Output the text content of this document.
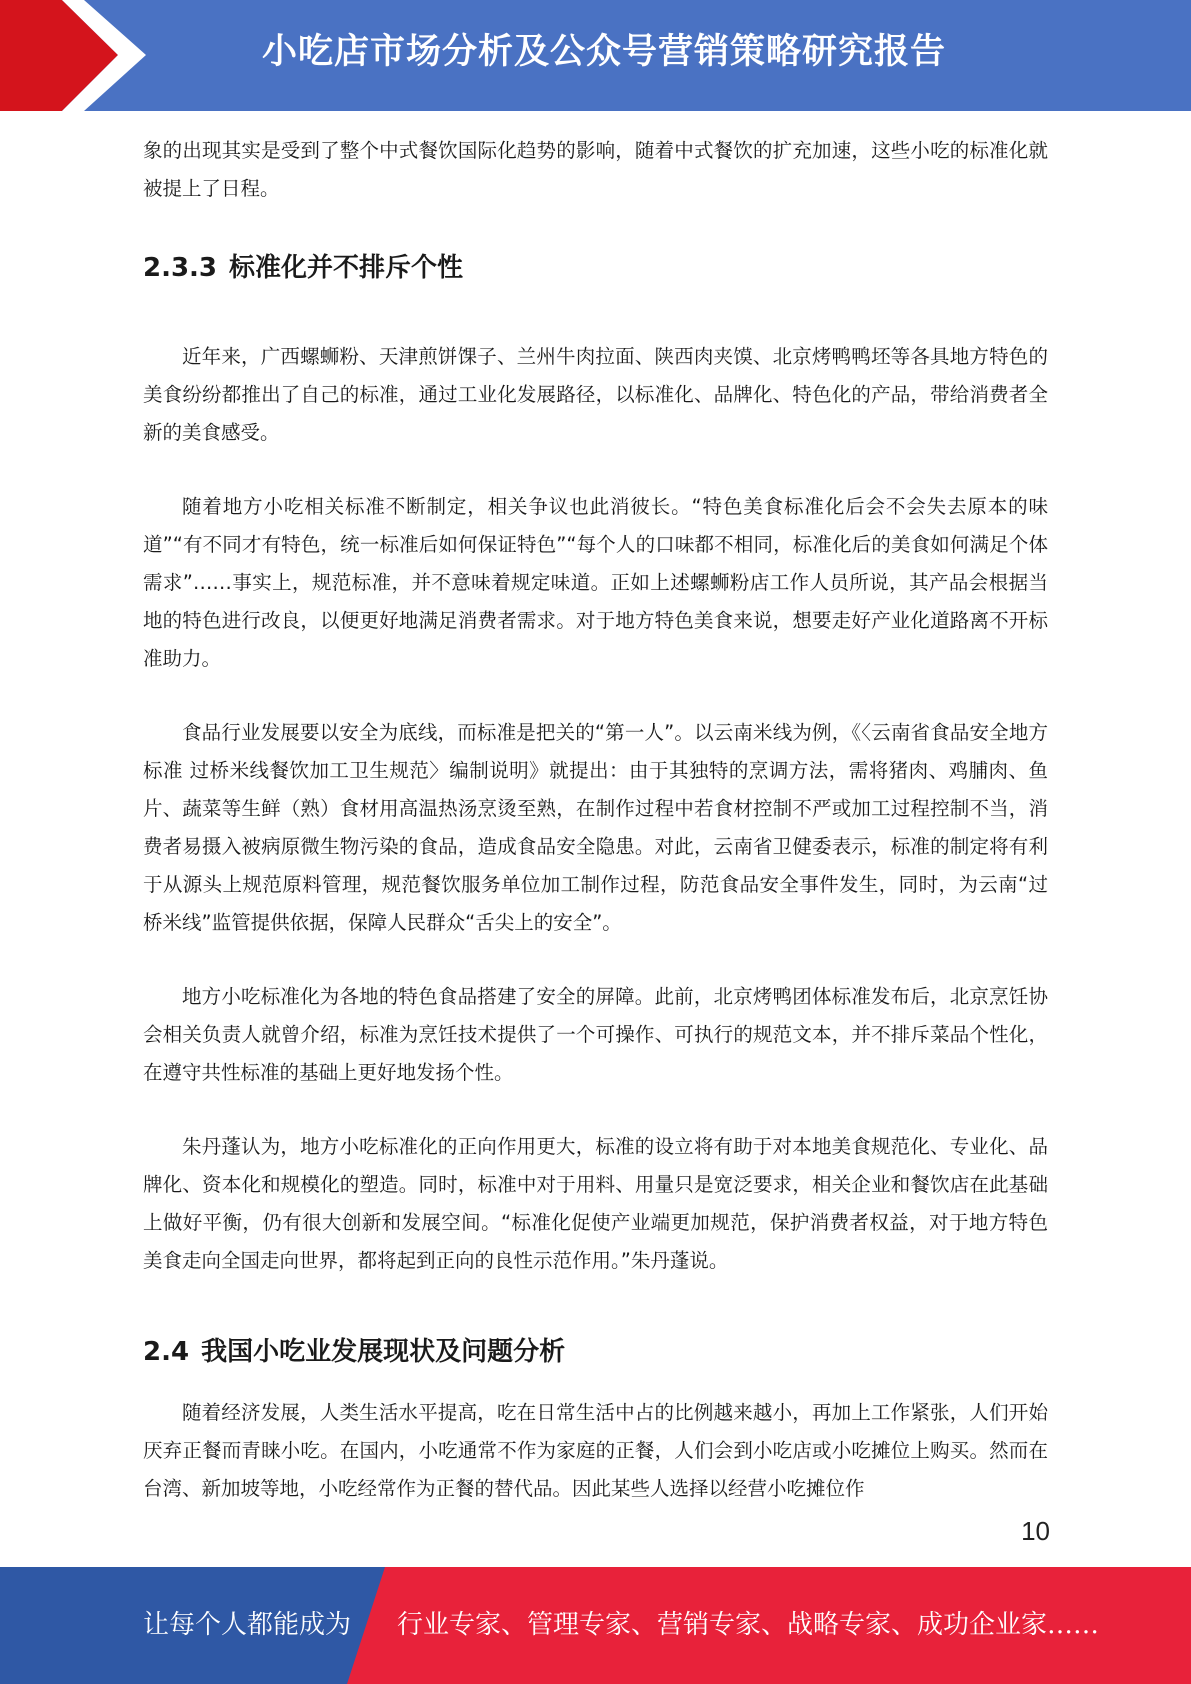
小吃店市场分析及公众号营销策略研究报告

象的出现其实是受到了整个中式餐饮国际化趋势的影响，随着中式餐饮的扩充加速，这些小吃的标准化就被提上了日程。

2.3.3 标准化并不排斥个性

近年来，广西螺蛳粉、天津煎饼馃子、兰州牛肉拉面、陕西肉夹馍、北京烤鸭鸭坯等各具地方特色的美食纷纷都推出了自己的标准，通过工业化发展路径，以标准化、品牌化、特色化的产品，带给消费者全新的美食感受。

随着地方小吃相关标准不断制定，相关争议也此消彼长。“特色美食标准化后会不会失去原本的味道”“有不同才有特色，统一标准后如何保证特色”“每个人的口味都不相同，标准化后的美食如何满足个体需求”……事实上，规范标准，并不意味着规定味道。正如上述螺蛳粉店工作人员所说，其产品会根据当地的特色进行改良，以便更好地满足消费者需求。对于地方特色美食来说，想要走好产业化道路离不开标准助力。

食品行业发展要以安全为底线，而标准是把关的“第一人”。以云南米线为例，《〈云南省食品安全地方标准 过桥米线餐饮加工卫生规范〉编制说明》就提出：由于其独特的烹调方法，需将猪肉、鸡脯肉、鱼片、蔬菜等生鲜（熟）食材用高温热汤烹烫至熟，在制作过程中若食材控制不严或加工过程控制不当，消费者易摄入被病原微生物污染的食品，造成食品安全隐患。对此，云南省卫健委表示，标准的制定将有利于从源头上规范原料管理，规范餐饮服务单位加工制作过程，防范食品安全事件发生，同时，为云南“过桥米线”监管提供依据，保障人民群众“舌尖上的安全”。

地方小吃标准化为各地的特色食品搭建了安全的屏障。此前，北京烤鸭团体标准发布后，北京烹饪协会相关负责人就曾介绍，标准为烹饪技术提供了一个可操作、可执行的规范文本，并不排斥菜品个性化，在遵守共性标准的基础上更好地发扬个性。

朱丹蓬认为，地方小吃标准化的正向作用更大，标准的设立将有助于对本地美食规范化、专业化、品牌化、资本化和规模化的塑造。同时，标准中对于用料、用量只是宽泛要求，相关企业和餐饮店在此基础上做好平衡，仍有很大创新和发展空间。“标准化促使产业端更加规范，保护消费者权益，对于地方特色美食走向全国走向世界，都将起到正向的良性示范作用。”朱丹蓬说。

2.4 我国小吃业发展现状及问题分析

随着经济发展，人类生活水平提高，吃在日常生活中占的比例越来越小，再加上工作紧张，人们开始厌弃正餐而青睐小吃。在国内，小吃通常不作为家庭的正餐，人们会到小吃店或小吃摊位上购买。然而在台湾、新加坡等地，小吃经常作为正餐的替代品。因此某些人选择以经营小吃摊位作

10
让每个人都能成为 行业专家、管理专家、营销专家、战略专家、成功企业家……
